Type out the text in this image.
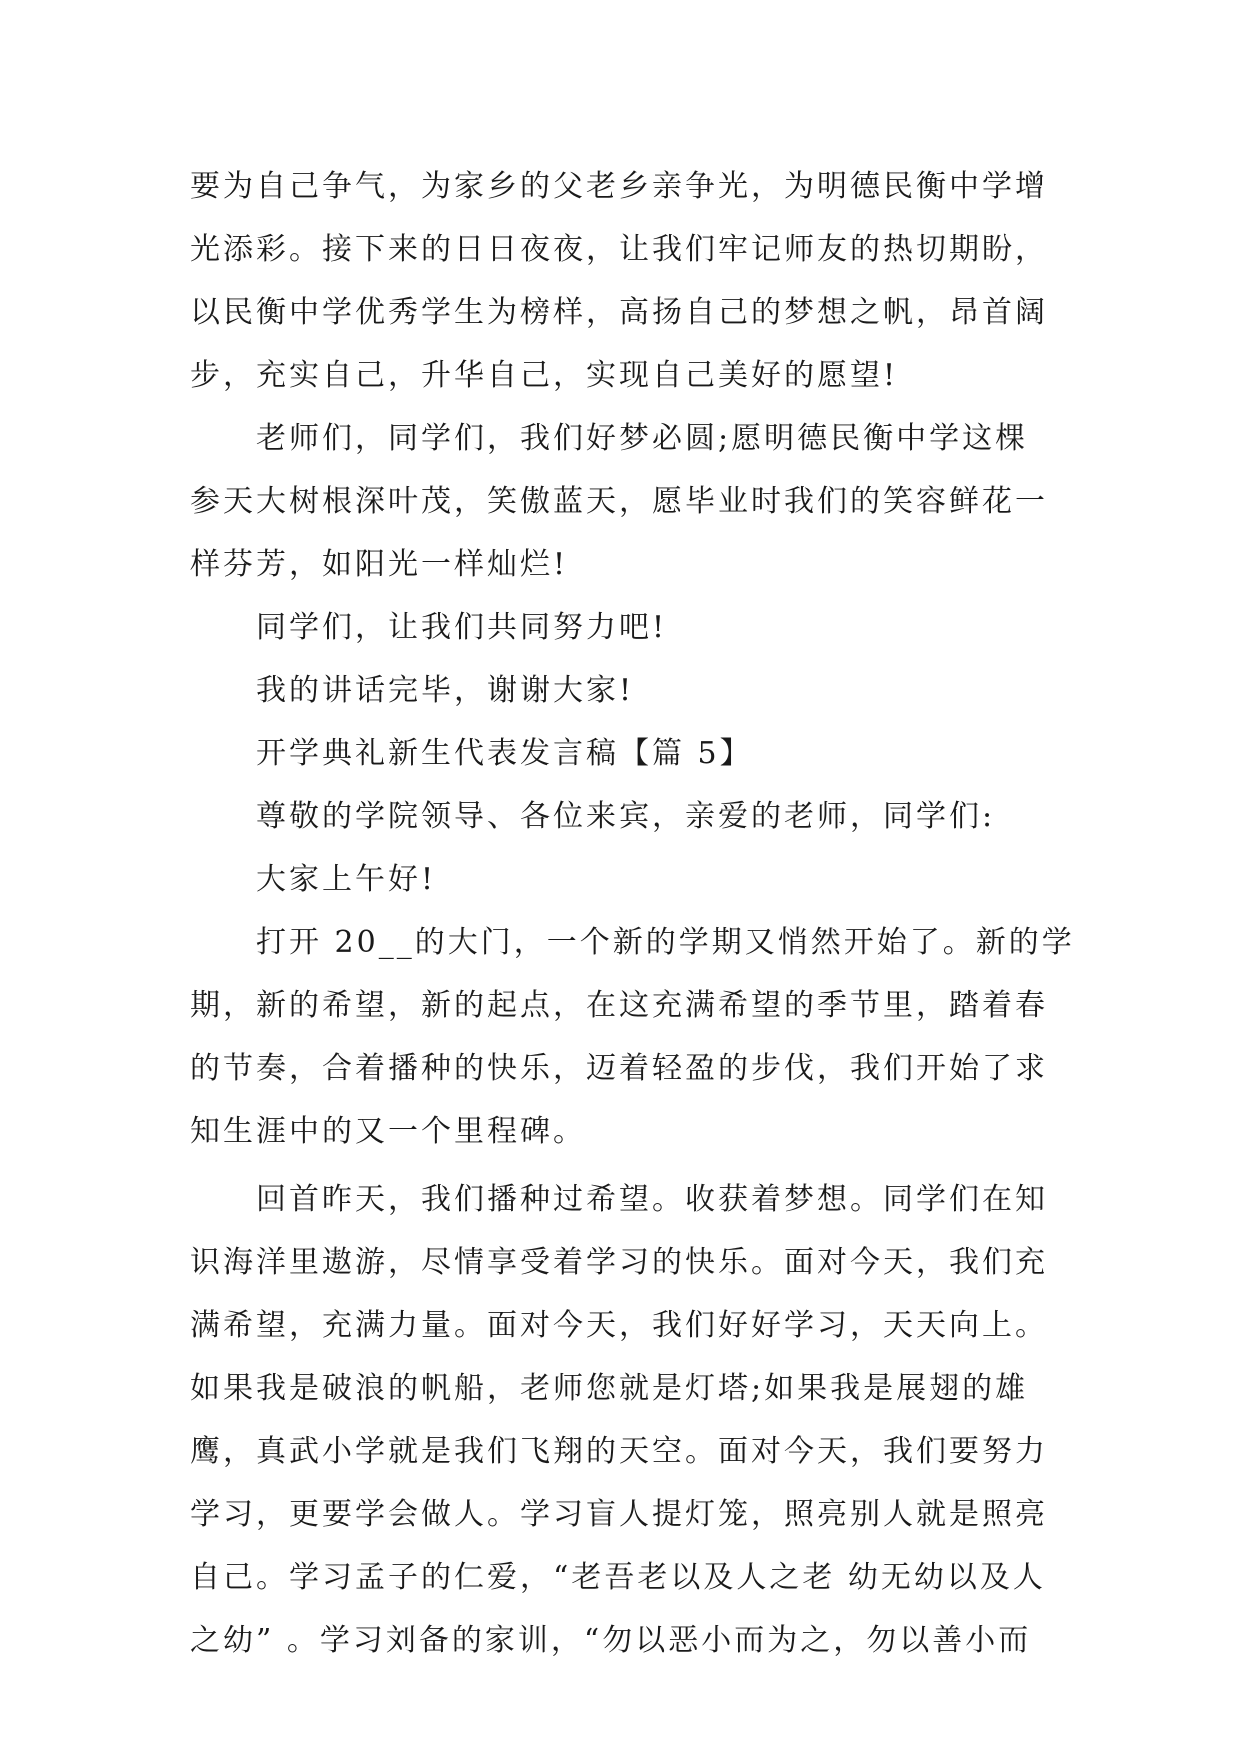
要为自己争气，为家乡的父老乡亲争光，为明德民衡中学增
光添彩。接下来的日日夜夜，让我们牢记师友的热切期盼，
以民衡中学优秀学生为榜样，高扬自己的梦想之帆，昂首阔
步，充实自己，升华自己，实现自己美好的愿望!
老师们，同学们，我们好梦必圆;愿明德民衡中学这棵
参天大树根深叶茂，笑傲蓝天，愿毕业时我们的笑容鲜花一
样芬芳，如阳光一样灿烂!
同学们，让我们共同努力吧!
我的讲话完毕，谢谢大家!
开学典礼新生代表发言稿【篇 5】
尊敬的学院领导、各位来宾，亲爱的老师，同学们:
大家上午好!
打开 20__的大门，一个新的学期又悄然开始了。新的学
期，新的希望，新的起点，在这充满希望的季节里，踏着春
的节奏，合着播种的快乐，迈着轻盈的步伐，我们开始了求
知生涯中的又一个里程碑。
回首昨天，我们播种过希望。收获着梦想。同学们在知
识海洋里遨游，尽情享受着学习的快乐。面对今天，我们充
满希望，充满力量。面对今天，我们好好学习，天天向上。
如果我是破浪的帆船，老师您就是灯塔;如果我是展翅的雄
鹰，真武小学就是我们飞翔的天空。面对今天，我们要努力
学习，更要学会做人。学习盲人提灯笼，照亮别人就是照亮
自己。学习孟子的仁爱，“老吾老以及人之老 幼无幼以及人
之幼” 。学习刘备的家训，“勿以恶小而为之，勿以善小而
